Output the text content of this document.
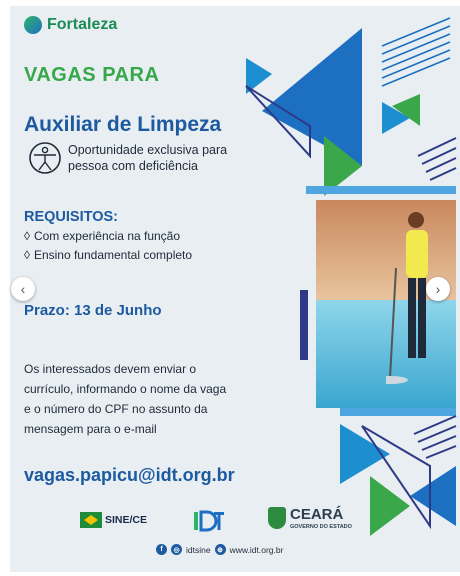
Fortaleza
VAGAS PARA
Auxiliar de Limpeza
Oportunidade exclusiva para pessoa com deficiência
REQUISITOS:
◊ Com experiência na função
◊ Ensino fundamental completo
Prazo: 13 de Junho
Os interessados devem enviar o currículo, informando o nome da vaga e o número do CPF no assunto da mensagem para o e-mail
vagas.papicu@idt.org.br
SINE/CE	CEARÁ
GOVERNO DO ESTADO
f	◎ idtsine ⊕ www.idt.org.br
‹	›
